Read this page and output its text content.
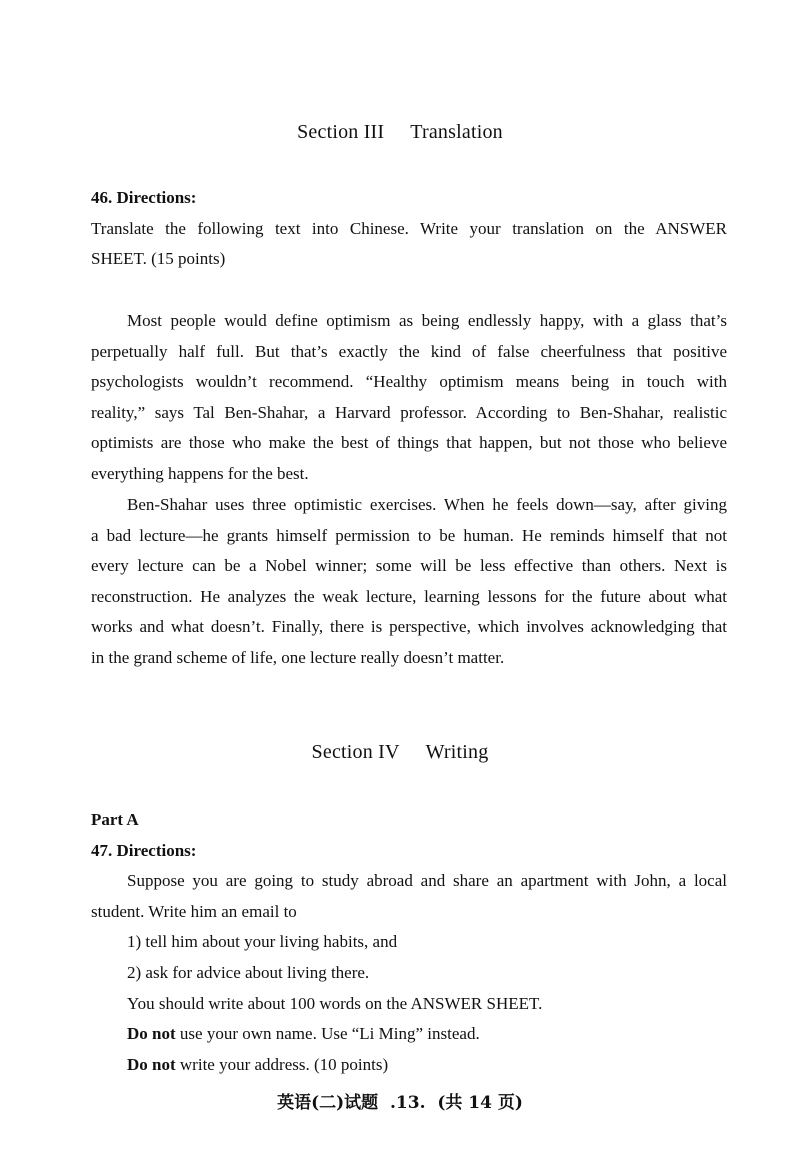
Section III Translation
46. Directions:
Translate the following text into Chinese. Write your translation on the ANSWER
SHEET. (15 points)
Most people would define optimism as being endlessly happy, with a glass that’s
perpetually half full. But that’s exactly the kind of false cheerfulness that positive
psychologists wouldn’t recommend. “Healthy optimism means being in touch with
reality,” says Tal Ben-Shahar, a Harvard professor. According to Ben-Shahar, realistic
optimists are those who make the best of things that happen, but not those who believe
everything happens for the best.
Ben-Shahar uses three optimistic exercises. When he feels down—say, after giving
a bad lecture—he grants himself permission to be human. He reminds himself that not
every lecture can be a Nobel winner; some will be less effective than others. Next is
reconstruction. He analyzes the weak lecture, learning lessons for the future about what
works and what doesn’t. Finally, there is perspective, which involves acknowledging that
in the grand scheme of life, one lecture really doesn’t matter.
Section IV Writing
Part A
47. Directions:
Suppose you are going to study abroad and share an apartment with John, a local
student. Write him an email to
1) tell him about your living habits, and
2) ask for advice about living there.
You should write about 100 words on the ANSWER SHEET.
Do not use your own name. Use “Li Ming” instead.
Do not write your address. (10 points)
英语(二)试题  .13.  (共 14 页)
